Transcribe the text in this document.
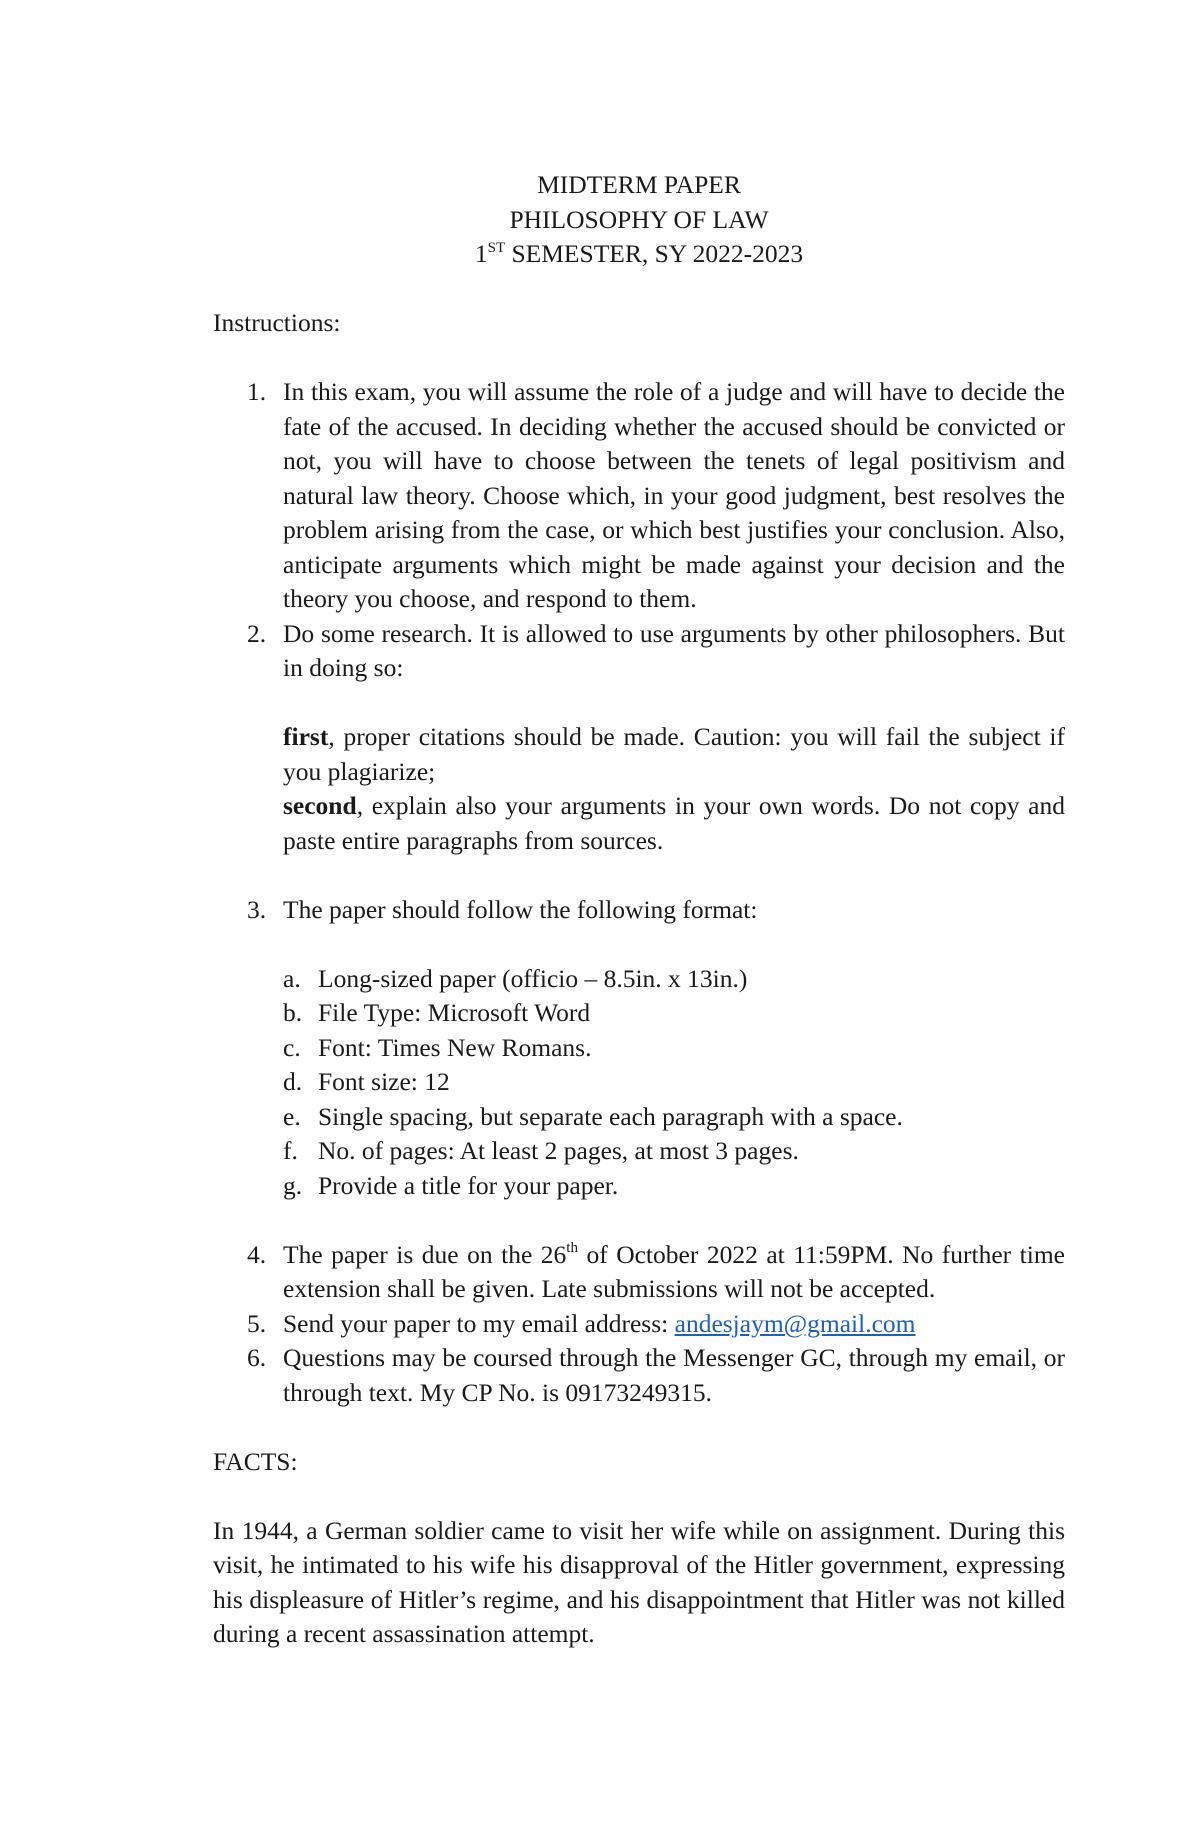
MIDTERM PAPER
PHILOSOPHY OF LAW
1ST SEMESTER, SY 2022-2023
Instructions:
1. In this exam, you will assume the role of a judge and will have to decide the fate of the accused. In deciding whether the accused should be convicted or not, you will have to choose between the tenets of legal positivism and natural law theory. Choose which, in your good judgment, best resolves the problem arising from the case, or which best justifies your conclusion. Also, anticipate arguments which might be made against your decision and the theory you choose, and respond to them.

2. Do some research. It is allowed to use arguments by other philosophers. But in doing so:

first, proper citations should be made. Caution: you will fail the subject if you plagiarize;

second, explain also your arguments in your own words. Do not copy and paste entire paragraphs from sources.

3. The paper should follow the following format:

a. Long-sized paper (officio – 8.5in. x 13in.)
b. File Type: Microsoft Word
c. Font: Times New Romans.
d. Font size: 12
e. Single spacing, but separate each paragraph with a space.
f. No. of pages: At least 2 pages, at most 3 pages.
g. Provide a title for your paper.
4. The paper is due on the 26th of October 2022 at 11:59PM. No further time extension shall be given. Late submissions will not be accepted.

5. Send your paper to my email address: andesjaym@gmail.com

6. Questions may be coursed through the Messenger GC, through my email, or through text. My CP No. is 09173249315.

FACTS:

In 1944, a German soldier came to visit her wife while on assignment. During this visit, he intimated to his wife his disapproval of the Hitler government, expressing his displeasure of Hitler’s regime, and his disappointment that Hitler was not killed during a recent assassination attempt.
